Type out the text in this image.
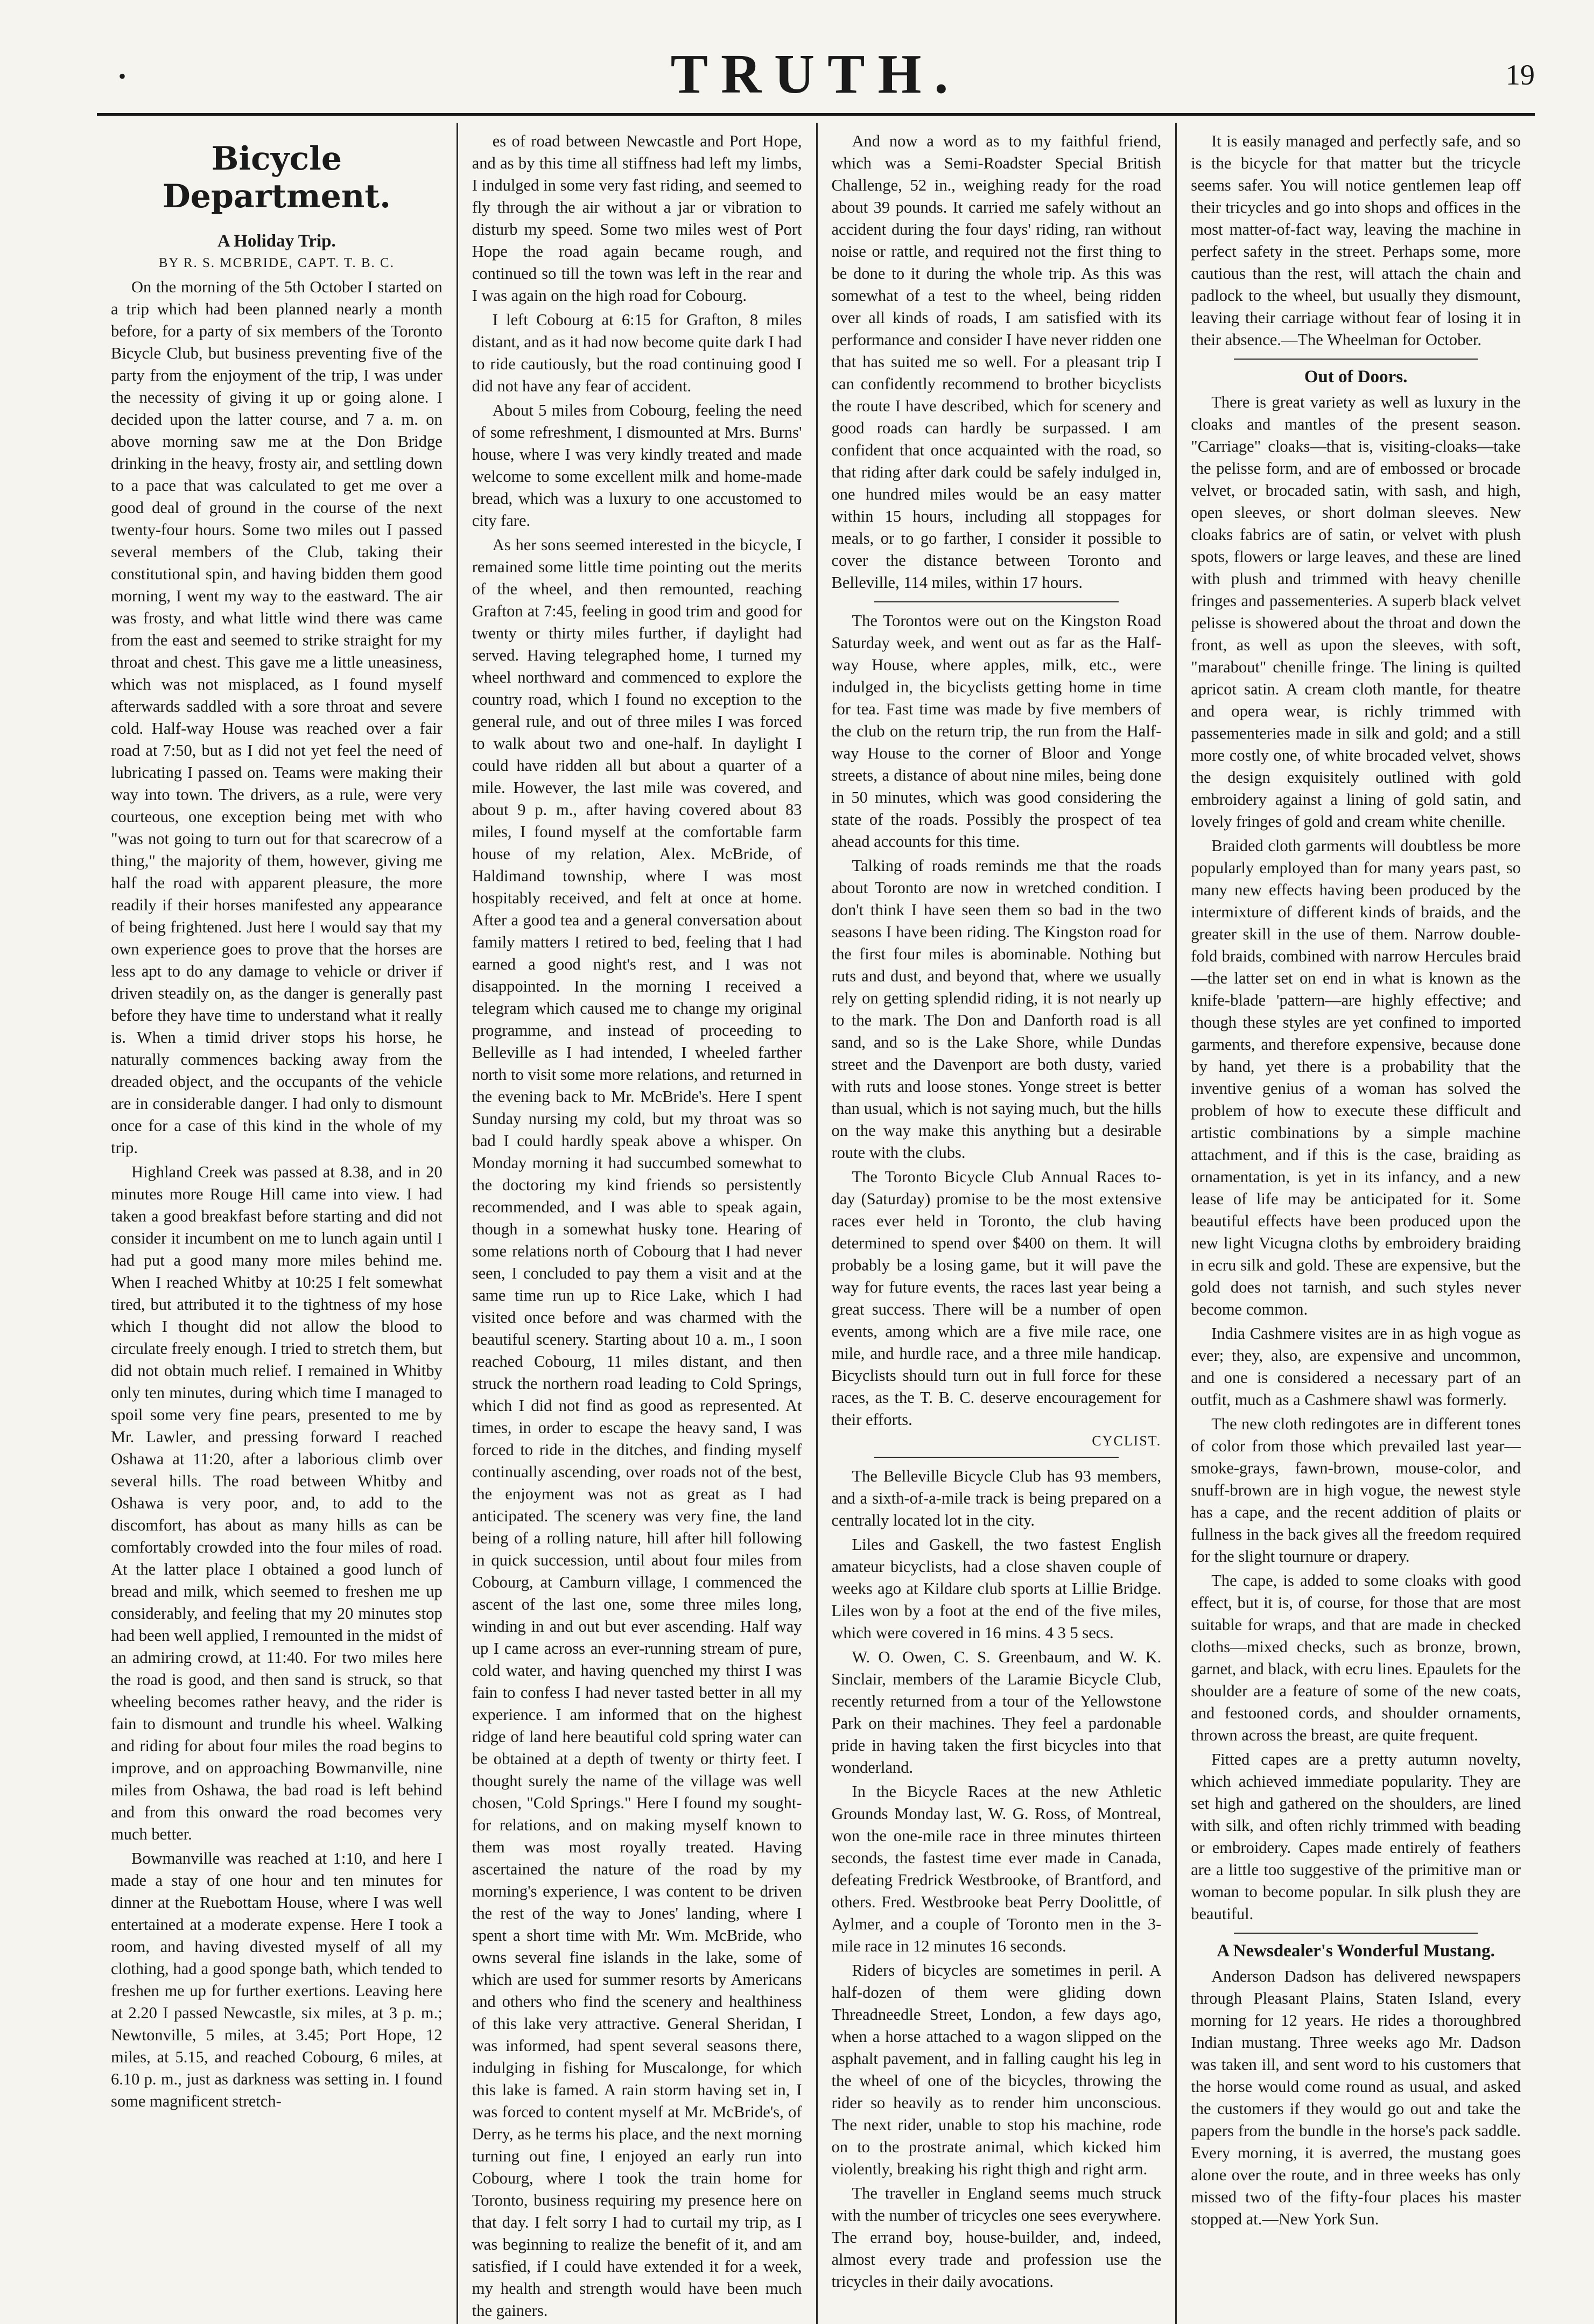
•	TRUTH.	19
Bicycle Department.
A Holiday Trip.
BY R. S. MCBRIDE, CAPT. T. B. C.

On the morning of the 5th October I started on a trip which had been planned nearly a month before, for a party of six members of the Toronto Bicycle Club, but business preventing five of the party from the enjoyment of the trip, I was under the necessity of giving it up or going alone. I decided upon the latter course, and 7 a. m. on above morning saw me at the Don Bridge drinking in the heavy, frosty air, and settling down to a pace that was calculated to get me over a good deal of ground in the course of the next twenty-four hours. Some two miles out I passed several members of the Club, taking their constitutional spin, and having bidden them good morning, I went my way to the eastward. The air was frosty, and what little wind there was came from the east and seemed to strike straight for my throat and chest. This gave me a little uneasiness, which was not misplaced, as I found myself afterwards saddled with a sore throat and severe cold. Half-way House was reached over a fair road at 7:50, but as I did not yet feel the need of lubricating I passed on. Teams were making their way into town. The drivers, as a rule, were very courteous, one exception being met with who "was not going to turn out for that scarecrow of a thing," the majority of them, however, giving me half the road with apparent pleasure, the more readily if their horses manifested any appearance of being frightened. Just here I would say that my own experience goes to prove that the horses are less apt to do any damage to vehicle or driver if driven steadily on, as the danger is generally past before they have time to understand what it really is. When a timid driver stops his horse, he naturally commences backing away from the dreaded object, and the occupants of the vehicle are in considerable danger. I had only to dismount once for a case of this kind in the whole of my trip.

Highland Creek was passed at 8.38, and in 20 minutes more Rouge Hill came into view. I had taken a good breakfast before starting and did not consider it incumbent on me to lunch again until I had put a good many more miles behind me. When I reached Whitby at 10:25 I felt somewhat tired, but attributed it to the tightness of my hose which I thought did not allow the blood to circulate freely enough. I tried to stretch them, but did not obtain much relief. I remained in Whitby only ten minutes, during which time I managed to spoil some very fine pears, presented to me by Mr. Lawler, and pressing forward I reached Oshawa at 11:20, after a laborious climb over several hills. The road between Whitby and Oshawa is very poor, and, to add to the discomfort, has about as many hills as can be comfortably crowded into the four miles of road. At the latter place I obtained a good lunch of bread and milk, which seemed to freshen me up considerably, and feeling that my 20 minutes stop had been well applied, I remounted in the midst of an admiring crowd, at 11:40. For two miles here the road is good, and then sand is struck, so that wheeling becomes rather heavy, and the rider is fain to dismount and trundle his wheel. Walking and riding for about four miles the road begins to improve, and on approaching Bowmanville, nine miles from Oshawa, the bad road is left behind and from this onward the road becomes very much better.

Bowmanville was reached at 1:10, and here I made a stay of one hour and ten minutes for dinner at the Ruebottam House, where I was well entertained at a moderate expense. Here I took a room, and having divested myself of all my clothing, had a good sponge bath, which tended to freshen me up for further exertions. Leaving here at 2.20 I passed Newcastle, six miles, at 3 p. m.; Newtonville, 5 miles, at 3.45; Port Hope, 12 miles, at 5.15, and reached Cobourg, 6 miles, at 6.10 p. m., just as darkness was setting in. I found some magnificent stretch-

es of road between Newcastle and Port Hope, and as by this time all stiffness had left my limbs, I indulged in some very fast riding, and seemed to fly through the air without a jar or vibration to disturb my speed. Some two miles west of Port Hope the road again became rough, and continued so till the town was left in the rear and I was again on the high road for Cobourg.

I left Cobourg at 6:15 for Grafton, 8 miles distant, and as it had now become quite dark I had to ride cautiously, but the road continuing good I did not have any fear of accident.

About 5 miles from Cobourg, feeling the need of some refreshment, I dismounted at Mrs. Burns' house, where I was very kindly treated and made welcome to some excellent milk and home-made bread, which was a luxury to one accustomed to city fare.

As her sons seemed interested in the bicycle, I remained some little time pointing out the merits of the wheel, and then remounted, reaching Grafton at 7:45, feeling in good trim and good for twenty or thirty miles further, if daylight had served. Having telegraphed home, I turned my wheel northward and commenced to explore the country road, which I found no exception to the general rule, and out of three miles I was forced to walk about two and one-half. In daylight I could have ridden all but about a quarter of a mile. However, the last mile was covered, and about 9 p. m., after having covered about 83 miles, I found myself at the comfortable farm house of my relation, Alex. McBride, of Haldimand township, where I was most hospitably received, and felt at once at home. After a good tea and a general conversation about family matters I retired to bed, feeling that I had earned a good night's rest, and I was not disappointed. In the morning I received a telegram which caused me to change my original programme, and instead of proceeding to Belleville as I had intended, I wheeled farther north to visit some more relations, and returned in the evening back to Mr. McBride's. Here I spent Sunday nursing my cold, but my throat was so bad I could hardly speak above a whisper. On Monday morning it had succumbed somewhat to the doctoring my kind friends so persistently recommended, and I was able to speak again, though in a somewhat husky tone. Hearing of some relations north of Cobourg that I had never seen, I concluded to pay them a visit and at the same time run up to Rice Lake, which I had visited once before and was charmed with the beautiful scenery. Starting about 10 a. m., I soon reached Cobourg, 11 miles distant, and then struck the northern road leading to Cold Springs, which I did not find as good as represented. At times, in order to escape the heavy sand, I was forced to ride in the ditches, and finding myself continually ascending, over roads not of the best, the enjoyment was not as great as I had anticipated. The scenery was very fine, the land being of a rolling nature, hill after hill following in quick succession, until about four miles from Cobourg, at Camburn village, I commenced the ascent of the last one, some three miles long, winding in and out but ever ascending. Half way up I came across an ever-running stream of pure, cold water, and having quenched my thirst I was fain to confess I had never tasted better in all my experience. I am informed that on the highest ridge of land here beautiful cold spring water can be obtained at a depth of twenty or thirty feet. I thought surely the name of the village was well chosen, "Cold Springs." Here I found my sought-for relations, and on making myself known to them was most royally treated. Having ascertained the nature of the road by my morning's experience, I was content to be driven the rest of the way to Jones' landing, where I spent a short time with Mr. Wm. McBride, who owns several fine islands in the lake, some of which are used for summer resorts by Americans and others who find the scenery and healthiness of this lake very attractive. General Sheridan, I was informed, had spent several seasons there, indulging in fishing for Muscalonge, for which this lake is famed. A rain storm having set in, I was forced to content myself at Mr. McBride's, of Derry, as he terms his place, and the next morning turning out fine, I enjoyed an early run into Cobourg, where I took the train home for Toronto, business requiring my presence here on that day. I felt sorry I had to curtail my trip, as I was beginning to realize the benefit of it, and am satisfied, if I could have extended it for a week, my health and strength would have been much the gainers.

And now a word as to my faithful friend, which was a Semi-Roadster Special British Challenge, 52 in., weighing ready for the road about 39 pounds. It carried me safely without an accident during the four days' riding, ran without noise or rattle, and required not the first thing to be done to it during the whole trip. As this was somewhat of a test to the wheel, being ridden over all kinds of roads, I am satisfied with its performance and consider I have never ridden one that has suited me so well. For a pleasant trip I can confidently recommend to brother bicyclists the route I have described, which for scenery and good roads can hardly be surpassed. I am confident that once acquainted with the road, so that riding after dark could be safely indulged in, one hundred miles would be an easy matter within 15 hours, including all stoppages for meals, or to go farther, I consider it possible to cover the distance between Toronto and Belleville, 114 miles, within 17 hours.

The Torontos were out on the Kingston Road Saturday week, and went out as far as the Half-way House, where apples, milk, etc., were indulged in, the bicyclists getting home in time for tea. Fast time was made by five members of the club on the return trip, the run from the Half-way House to the corner of Bloor and Yonge streets, a distance of about nine miles, being done in 50 minutes, which was good considering the state of the roads. Possibly the prospect of tea ahead accounts for this time.

Talking of roads reminds me that the roads about Toronto are now in wretched condition. I don't think I have seen them so bad in the two seasons I have been riding. The Kingston road for the first four miles is abominable. Nothing but ruts and dust, and beyond that, where we usually rely on getting splendid riding, it is not nearly up to the mark. The Don and Danforth road is all sand, and so is the Lake Shore, while Dundas street and the Davenport are both dusty, varied with ruts and loose stones. Yonge street is better than usual, which is not saying much, but the hills on the way make this anything but a desirable route with the clubs.

The Toronto Bicycle Club Annual Races to-day (Saturday) promise to be the most extensive races ever held in Toronto, the club having determined to spend over $400 on them. It will probably be a losing game, but it will pave the way for future events, the races last year being a great success. There will be a number of open events, among which are a five mile race, one mile, and hurdle race, and a three mile handicap. Bicyclists should turn out in full force for these races, as the T. B. C. deserve encouragement for their efforts.

CYCLIST.

The Belleville Bicycle Club has 93 members, and a sixth-of-a-mile track is being prepared on a centrally located lot in the city.

Liles and Gaskell, the two fastest English amateur bicyclists, had a close shaven couple of weeks ago at Kildare club sports at Lillie Bridge. Liles won by a foot at the end of the five miles, which were covered in 16 mins. 4 3 5 secs.

W. O. Owen, C. S. Greenbaum, and W. K. Sinclair, members of the Laramie Bicycle Club, recently returned from a tour of the Yellowstone Park on their machines. They feel a pardonable pride in having taken the first bicycles into that wonderland.

In the Bicycle Races at the new Athletic Grounds Monday last, W. G. Ross, of Montreal, won the one-mile race in three minutes thirteen seconds, the fastest time ever made in Canada, defeating Fredrick Westbrooke, of Brantford, and others. Fred. Westbrooke beat Perry Doolittle, of Aylmer, and a couple of Toronto men in the 3-mile race in 12 minutes 16 seconds.

Riders of bicycles are sometimes in peril. A half-dozen of them were gliding down Threadneedle Street, London, a few days ago, when a horse attached to a wagon slipped on the asphalt pavement, and in falling caught his leg in the wheel of one of the bicycles, throwing the rider so heavily as to render him unconscious. The next rider, unable to stop his machine, rode on to the prostrate animal, which kicked him violently, breaking his right thigh and right arm.

The traveller in England seems much struck with the number of tricycles one sees everywhere. The errand boy, house-builder, and, indeed, almost every trade and profession use the tricycles in their daily avocations.

It is easily managed and perfectly safe, and so is the bicycle for that matter but the tricycle seems safer. You will notice gentlemen leap off their tricycles and go into shops and offices in the most matter-of-fact way, leaving the machine in perfect safety in the street. Perhaps some, more cautious than the rest, will attach the chain and padlock to the wheel, but usually they dismount, leaving their carriage without fear of losing it in their absence.—The Wheelman for October.

Out of Doors.

There is great variety as well as luxury in the cloaks and mantles of the present season. "Carriage" cloaks—that is, visiting-cloaks—take the pelisse form, and are of embossed or brocade velvet, or brocaded satin, with sash, and high, open sleeves, or short dolman sleeves. New cloaks fabrics are of satin, or velvet with plush spots, flowers or large leaves, and these are lined with plush and trimmed with heavy chenille fringes and passementeries. A superb black velvet pelisse is showered about the throat and down the front, as well as upon the sleeves, with soft, "marabout" chenille fringe. The lining is quilted apricot satin. A cream cloth mantle, for theatre and opera wear, is richly trimmed with passementeries made in silk and gold; and a still more costly one, of white brocaded velvet, shows the design exquisitely outlined with gold embroidery against a lining of gold satin, and lovely fringes of gold and cream white chenille.

Braided cloth garments will doubtless be more popularly employed than for many years past, so many new effects having been produced by the intermixture of different kinds of braids, and the greater skill in the use of them. Narrow double-fold braids, combined with narrow Hercules braid—the latter set on end in what is known as the knife-blade 'pattern—are highly effective; and though these styles are yet confined to imported garments, and therefore expensive, because done by hand, yet there is a probability that the inventive genius of a woman has solved the problem of how to execute these difficult and artistic combinations by a simple machine attachment, and if this is the case, braiding as ornamentation, is yet in its infancy, and a new lease of life may be anticipated for it. Some beautiful effects have been produced upon the new light Vicugna cloths by embroidery braiding in ecru silk and gold. These are expensive, but the gold does not tarnish, and such styles never become common.

India Cashmere visites are in as high vogue as ever; they, also, are expensive and uncommon, and one is considered a necessary part of an outfit, much as a Cashmere shawl was formerly.

The new cloth redingotes are in different tones of color from those which prevailed last year—smoke-grays, fawn-brown, mouse-color, and snuff-brown are in high vogue, the newest style has a cape, and the recent addition of plaits or fullness in the back gives all the freedom required for the slight tournure or drapery.

The cape, is added to some cloaks with good effect, but it is, of course, for those that are most suitable for wraps, and that are made in checked cloths—mixed checks, such as bronze, brown, garnet, and black, with ecru lines. Epaulets for the shoulder are a feature of some of the new coats, and festooned cords, and shoulder ornaments, thrown across the breast, are quite frequent.

Fitted capes are a pretty autumn novelty, which achieved immediate popularity. They are set high and gathered on the shoulders, are lined with silk, and often richly trimmed with beading or embroidery. Capes made entirely of feathers are a little too suggestive of the primitive man or woman to become popular. In silk plush they are beautiful.

A Newsdealer's Wonderful Mustang.

Anderson Dadson has delivered newspapers through Pleasant Plains, Staten Island, every morning for 12 years. He rides a thoroughbred Indian mustang. Three weeks ago Mr. Dadson was taken ill, and sent word to his customers that the horse would come round as usual, and asked the customers if they would go out and take the papers from the bundle in the horse's pack saddle. Every morning, it is averred, the mustang goes alone over the route, and in three weeks has only missed two of the fifty-four places his master stopped at.—New York Sun.
